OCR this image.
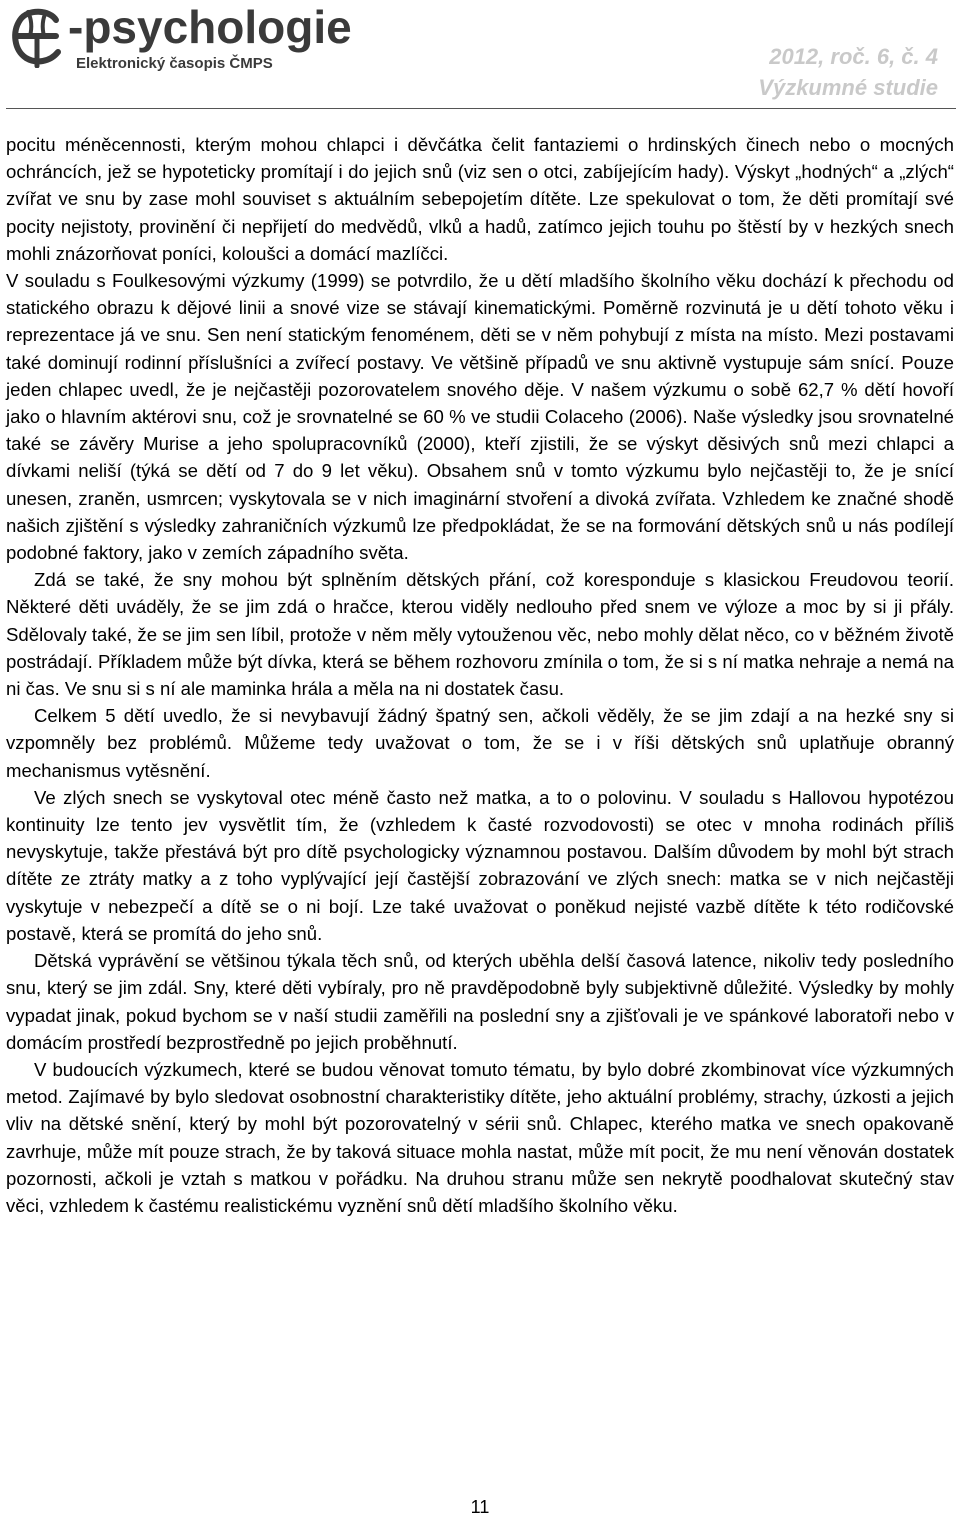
-psychologie
Elektronický časopis ČMPS	2012, roč. 6, č. 4
Výzkumné studie

pocitu méněcennosti, kterým mohou chlapci i děvčátka čelit fantaziemi o hrdinských činech nebo o mocných ochráncích, jež se hypoteticky promítají i do jejich snů (viz sen o otci, zabíjejícím hady). Výskyt „hodných“ a „zlých“ zvířat ve snu by zase mohl souviset s aktuálním sebepojetím dítěte. Lze spekulovat o tom, že děti promítají své pocity nejistoty, provinění či nepřijetí do medvědů, vlků a hadů, zatímco jejich touhu po štěstí by v hezkých snech mohli znázorňovat poníci, koloušci a domácí mazlíčci.

V souladu s Foulkesovými výzkumy (1999) se potvrdilo, že u dětí mladšího školního věku dochází k přechodu od statického obrazu k dějové linii a snové vize se stávají kinematickými. Poměrně rozvinutá je u dětí tohoto věku i reprezentace já ve snu. Sen není statickým fenoménem, děti se v něm pohybují z místa na místo. Mezi postavami také dominují rodinní příslušníci a zvířecí postavy. Ve většině případů ve snu aktivně vystupuje sám snící. Pouze jeden chlapec uvedl, že je nejčastěji pozorovatelem snového děje. V našem výzkumu o sobě 62,7 % dětí hovoří jako o hlavním aktérovi snu, což je srovnatelné se 60 % ve studii Colaceho (2006). Naše výsledky jsou srovnatelné také se závěry Murise a jeho spolupracovníků (2000), kteří zjistili, že se výskyt děsivých snů mezi chlapci a dívkami neliší (týká se dětí od 7 do 9 let věku). Obsahem snů v tomto výzkumu bylo nejčastěji to, že je snící unesen, zraněn, usmrcen; vyskytovala se v nich imaginární stvoření a divoká zvířata. Vzhledem ke značné shodě našich zjištění s výsledky zahraničních výzkumů lze předpokládat, že se na formování dětských snů u nás podílejí podobné faktory, jako v zemích západního světa.

Zdá se také, že sny mohou být splněním dětských přání, což koresponduje s klasickou Freudovou teorií. Některé děti uváděly, že se jim zdá o hračce, kterou viděly nedlouho před snem ve výloze a moc by si ji přály. Sdělovaly také, že se jim sen líbil, protože v něm měly vytouženou věc, nebo mohly dělat něco, co v běžném životě postrádají. Příkladem může být dívka, která se během rozhovoru zmínila o tom, že si s ní matka nehraje a nemá na ni čas. Ve snu si s ní ale maminka hrála a měla na ni dostatek času.

Celkem 5 dětí uvedlo, že si nevybavují žádný špatný sen, ačkoli věděly, že se jim zdají a na hezké sny si vzpomněly bez problémů. Můžeme tedy uvažovat o tom, že se i v říši dětských snů uplatňuje obranný mechanismus vytěsnění.

Ve zlých snech se vyskytoval otec méně často než matka, a to o polovinu. V souladu s Hallovou hypotézou kontinuity lze tento jev vysvětlit tím, že (vzhledem k časté rozvodovosti) se otec v mnoha rodinách příliš nevyskytuje, takže přestává být pro dítě psychologicky významnou postavou. Dalším důvodem by mohl být strach dítěte ze ztráty matky a z toho vyplývající její častější zobrazování ve zlých snech: matka se v nich nejčastěji vyskytuje v nebezpečí a dítě se o ni bojí. Lze také uvažovat o poněkud nejisté vazbě dítěte k této rodičovské postavě, která se promítá do jeho snů.

Dětská vyprávění se většinou týkala těch snů, od kterých uběhla delší časová latence, nikoliv tedy posledního snu, který se jim zdál. Sny, které děti vybíraly, pro ně pravděpodobně byly subjektivně důležité. Výsledky by mohly vypadat jinak, pokud bychom se v naší studii zaměřili na poslední sny a zjišťovali je ve spánkové laboratoři nebo v domácím prostředí bezprostředně po jejich proběhnutí.

V budoucích výzkumech, které se budou věnovat tomuto tématu, by bylo dobré zkombinovat více výzkumných metod. Zajímavé by bylo sledovat osobnostní charakteristiky dítěte, jeho aktuální problémy, strachy, úzkosti a jejich vliv na dětské snění, který by mohl být pozorovatelný v sérii snů. Chlapec, kterého matka ve snech opakovaně zavrhuje, může mít pouze strach, že by taková situace mohla nastat, může mít pocit, že mu není věnován dostatek pozornosti, ačkoli je vztah s matkou v pořádku. Na druhou stranu může sen nekrytě poodhalovat skutečný stav věci, vzhledem k častému realistickému vyznění snů dětí mladšího školního věku.

11
